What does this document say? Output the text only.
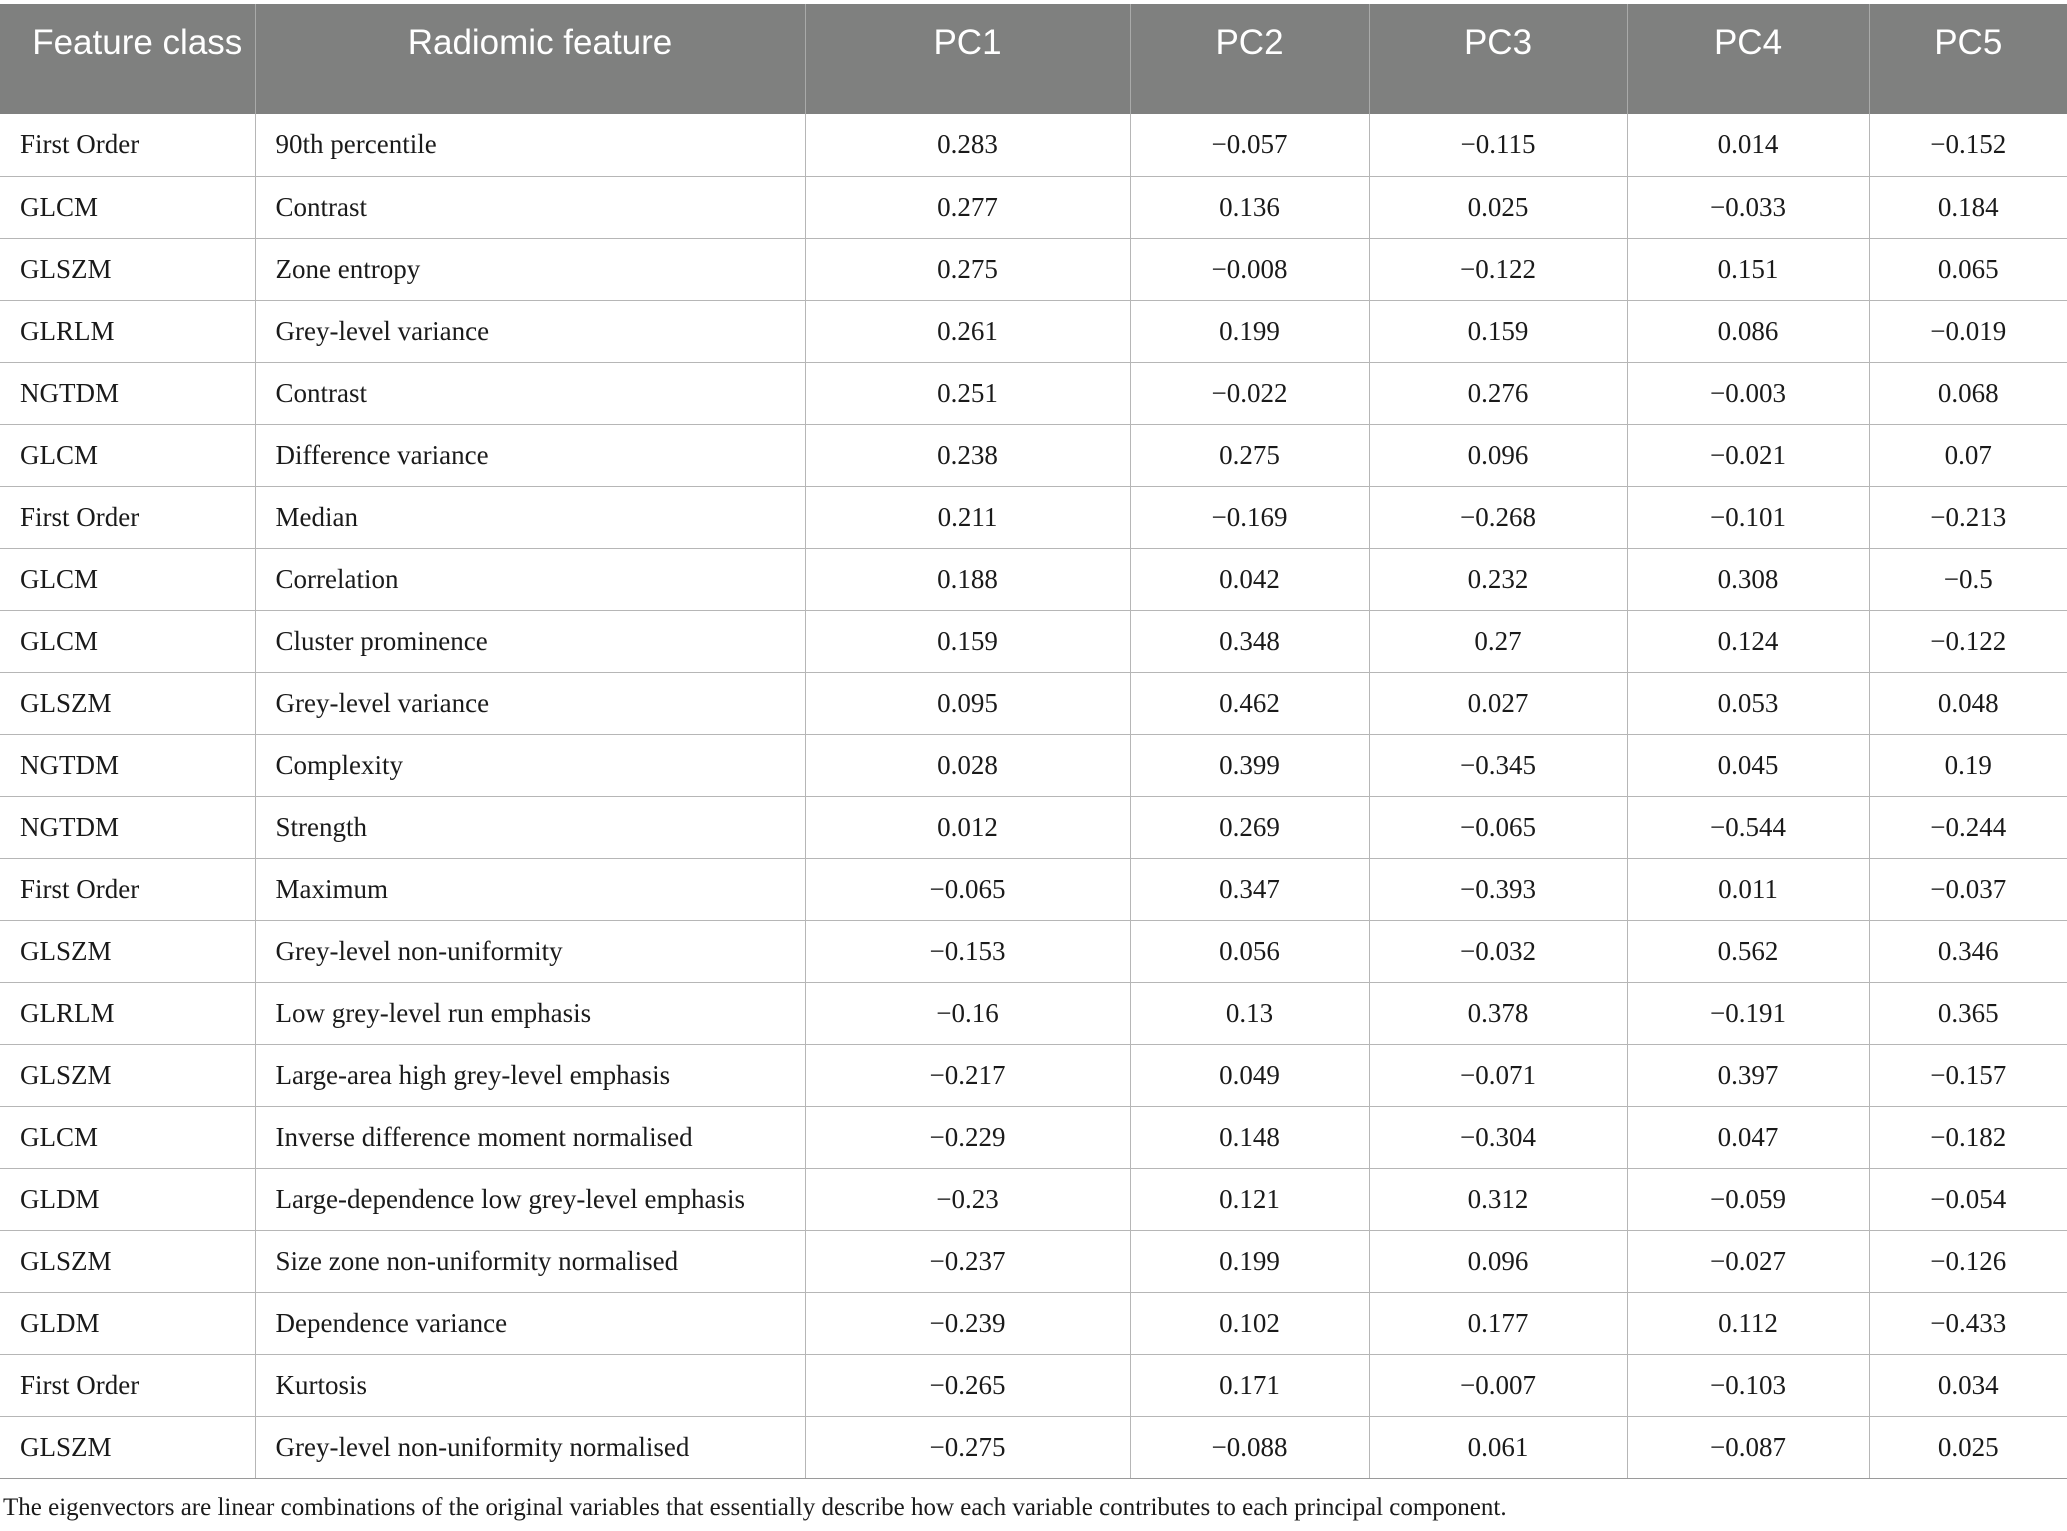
Feature class	Radiomic feature	PC1	PC2	PC3	PC4	PC5
First Order	90th percentile	0.283	−0.057	−0.115	0.014	−0.152
GLCM	Contrast	0.277	0.136	0.025	−0.033	0.184
GLSZM	Zone entropy	0.275	−0.008	−0.122	0.151	0.065
GLRLM	Grey-level variance	0.261	0.199	0.159	0.086	−0.019
NGTDM	Contrast	0.251	−0.022	0.276	−0.003	0.068
GLCM	Difference variance	0.238	0.275	0.096	−0.021	0.07
First Order	Median	0.211	−0.169	−0.268	−0.101	−0.213
GLCM	Correlation	0.188	0.042	0.232	0.308	−0.5
GLCM	Cluster prominence	0.159	0.348	0.27	0.124	−0.122
GLSZM	Grey-level variance	0.095	0.462	0.027	0.053	0.048
NGTDM	Complexity	0.028	0.399	−0.345	0.045	0.19
NGTDM	Strength	0.012	0.269	−0.065	−0.544	−0.244
First Order	Maximum	−0.065	0.347	−0.393	0.011	−0.037
GLSZM	Grey-level non-uniformity	−0.153	0.056	−0.032	0.562	0.346
GLRLM	Low grey-level run emphasis	−0.16	0.13	0.378	−0.191	0.365
GLSZM	Large-area high grey-level emphasis	−0.217	0.049	−0.071	0.397	−0.157
GLCM	Inverse difference moment normalised	−0.229	0.148	−0.304	0.047	−0.182
GLDM	Large-dependence low grey-level emphasis	−0.23	0.121	0.312	−0.059	−0.054
GLSZM	Size zone non-uniformity normalised	−0.237	0.199	0.096	−0.027	−0.126
GLDM	Dependence variance	−0.239	0.102	0.177	0.112	−0.433
First Order	Kurtosis	−0.265	0.171	−0.007	−0.103	0.034
GLSZM	Grey-level non-uniformity normalised	−0.275	−0.088	0.061	−0.087	0.025
The eigenvectors are linear combinations of the original variables that essentially describe how each variable contributes to each principal component.
